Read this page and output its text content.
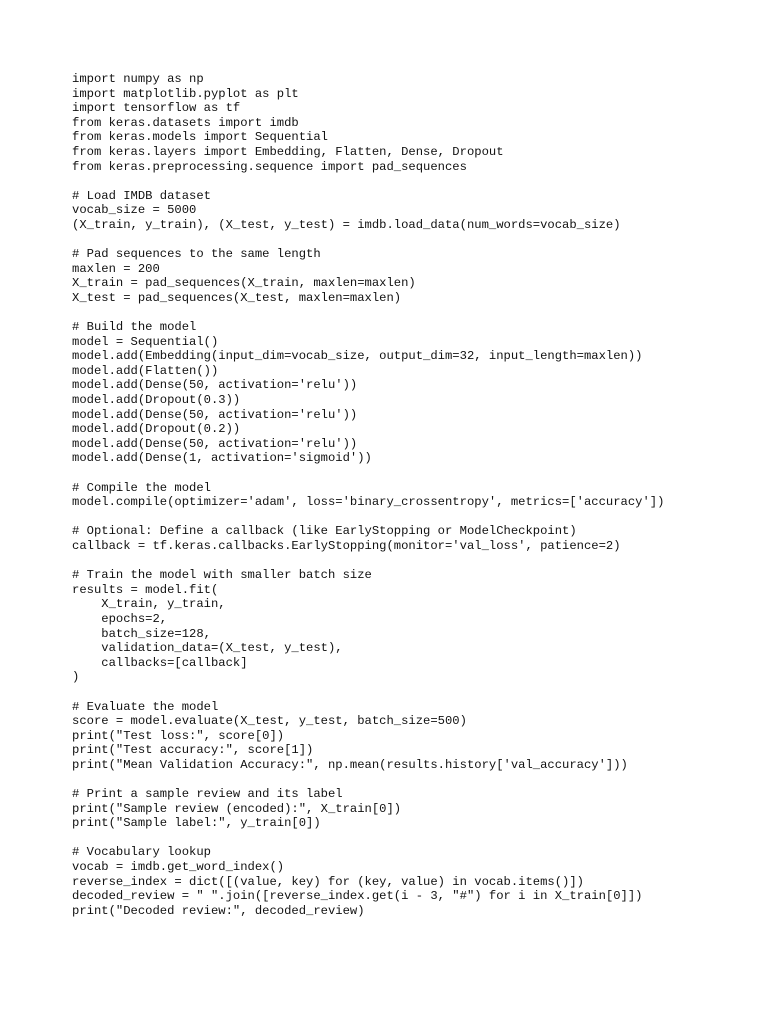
import numpy as np
import matplotlib.pyplot as plt
import tensorflow as tf
from keras.datasets import imdb
from keras.models import Sequential
from keras.layers import Embedding, Flatten, Dense, Dropout
from keras.preprocessing.sequence import pad_sequences
# Load IMDB dataset
vocab_size = 5000
(X_train, y_train), (X_test, y_test) = imdb.load_data(num_words=vocab_size)
# Pad sequences to the same length
maxlen = 200
X_train = pad_sequences(X_train, maxlen=maxlen)
X_test = pad_sequences(X_test, maxlen=maxlen)
# Build the model
model = Sequential()
model.add(Embedding(input_dim=vocab_size, output_dim=32, input_length=maxlen))
model.add(Flatten())
model.add(Dense(50, activation='relu'))
model.add(Dropout(0.3))
model.add(Dense(50, activation='relu'))
model.add(Dropout(0.2))
model.add(Dense(50, activation='relu'))
model.add(Dense(1, activation='sigmoid'))
# Compile the model
model.compile(optimizer='adam', loss='binary_crossentropy', metrics=['accuracy'])
# Optional: Define a callback (like EarlyStopping or ModelCheckpoint)
callback = tf.keras.callbacks.EarlyStopping(monitor='val_loss', patience=2)
# Train the model with smaller batch size
results = model.fit(
X_train, y_train,
epochs=2,
batch_size=128,
validation_data=(X_test, y_test),
callbacks=[callback]
)
# Evaluate the model
score = model.evaluate(X_test, y_test, batch_size=500)
print("Test loss:", score[0])
print("Test accuracy:", score[1])
print("Mean Validation Accuracy:", np.mean(results.history['val_accuracy']))
# Print a sample review and its label
print("Sample review (encoded):", X_train[0])
print("Sample label:", y_train[0])
# Vocabulary lookup
vocab = imdb.get_word_index()
reverse_index = dict([(value, key) for (key, value) in vocab.items()])
decoded_review = " ".join([reverse_index.get(i - 3, "#") for i in X_train[0]])
print("Decoded review:", decoded_review)
